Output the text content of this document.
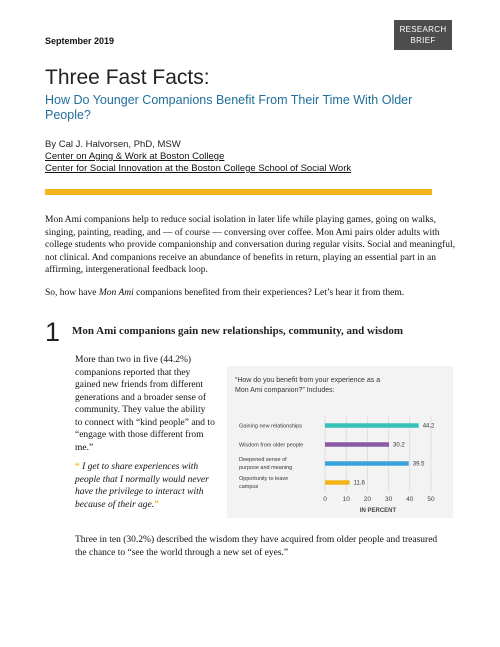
September 2019
RESEARCH
BRIEF
Three Fast Facts:
How Do Younger Companions Benefit From Their Time With Older People?
By Cal J. Halvorsen, PhD, MSW
Center on Aging & Work at Boston College
Center for Social Innovation at the Boston College School of Social Work
Mon Ami companions help to reduce social isolation in later life while playing games, going on walks, singing, painting, reading, and — of course — conversing over coffee. Mon Ami pairs older adults with college students who provide companionship and conversation during regular visits. Social and meaningful, not clinical. And companions receive an abundance of benefits in return, playing an essential part in an affirming, intergenerational feedback loop.
So, how have Mon Ami companions benefited from their experiences? Let’s hear it from them.
1 Mon Ami companions gain new relationships, community, and wisdom
More than two in five (44.2%) companions reported that they gained new friends from different generations and a broader sense of community. They value the ability to connect with “kind people” and to “engage with those different from me.”
“ I get to share experiences with people that I normally would never have the privilege to interact with because of their age.”
Three in ten (30.2%) described the wisdom they have acquired from older people and treasured the chance to “see the world through a new set of eyes.”
“How do you benefit from your experience as a
Mon Ami companion?” Includes:
0 10 20 30 40 50
IN PERCENT
Gaining new relationships	44.2
Wisdom from older people	30.2
Deepened sense of
purpose and meaning
39.5
Opportunity to leave
campus
11.6
